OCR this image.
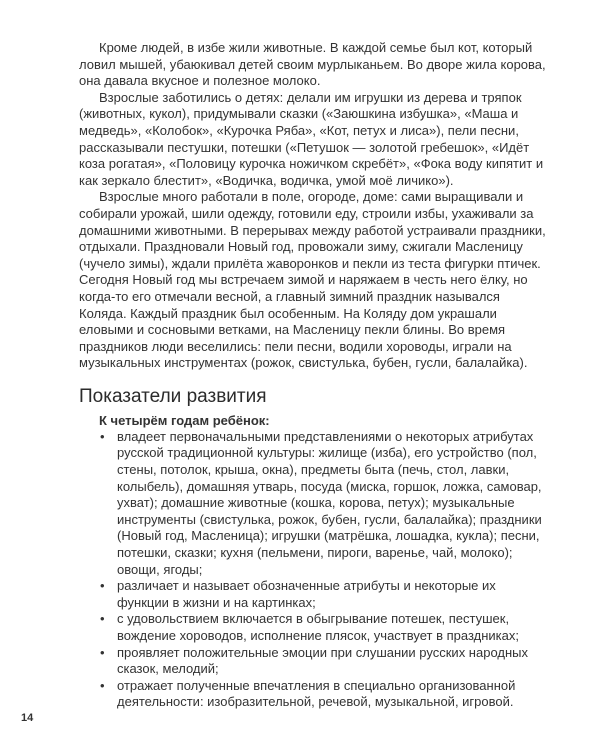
Кроме людей, в избе жили животные. В каждой семье был кот, который ловил мышей, убаюкивал детей своим мурлыканьем. Во дворе жила корова, она давала вкусное и полезное молоко.

Взрослые заботились о детях: делали им игрушки из дерева и тряпок (животных, кукол), придумывали сказки («Заюшкина избушка», «Маша и медведь», «Колобок», «Курочка Ряба», «Кот, петух и лиса»), пели песни, рассказывали пестушки, потешки («Петушок — золотой гребешок», «Идёт коза рогатая», «Половицу курочка ножичком скребёт», «Фока воду кипятит и как зеркало блестит», «Водичка, водичка, умой моё личико»).

Взрослые много работали в поле, огороде, доме: сами выращивали и собирали урожай, шили одежду, готовили еду, строили избы, ухаживали за домашними животными. В перерывах между работой устраивали праздники, отдыхали. Праздновали Новый год, провожали зиму, сжигали Масленицу (чучело зимы), ждали прилёта жаворонков и пекли из теста фигурки птичек. Сегодня Новый год мы встречаем зимой и наряжаем в честь него ёлку, но когда-то его отмечали весной, а главный зимний праздник назывался Коляда. Каждый праздник был особенным. На Коляду дом украшали еловыми и сосновыми ветками, на Масленицу пекли блины. Во время праздников люди веселились: пели песни, водили хороводы, играли на музыкальных инструментах (рожок, свистулька, бубен, гусли, балалайка).

Показатели развития
К четырём годам ребёнок:
• владеет первоначальными представлениями о некоторых атрибутах русской традиционной культуры: жилище (изба), его устройство (пол, стены, потолок, крыша, окна), предметы быта (печь, стол, лавки, колыбель), домашняя утварь, посуда (миска, горшок, ложка, самовар, ухват); домашние животные (кошка, корова, петух); музыкальные инструменты (свистулька, рожок, бубен, гусли, балалайка); праздники (Новый год, Масленица); игрушки (матрёшка, лошадка, кукла); песни, потешки, сказки; кухня (пельмени, пироги, варенье, чай, молоко); овощи, ягоды;
• различает и называет обозначенные атрибуты и некоторые их функции в жизни и на картинках;
• с удовольствием включается в обыгрывание потешек, пестушек, вождение хороводов, исполнение плясок, участвует в праздниках;
• проявляет положительные эмоции при слушании русских народных сказок, мелодий;
• отражает полученные впечатления в специально организованной деятельности: изобразительной, речевой, музыкальной, игровой.
14
